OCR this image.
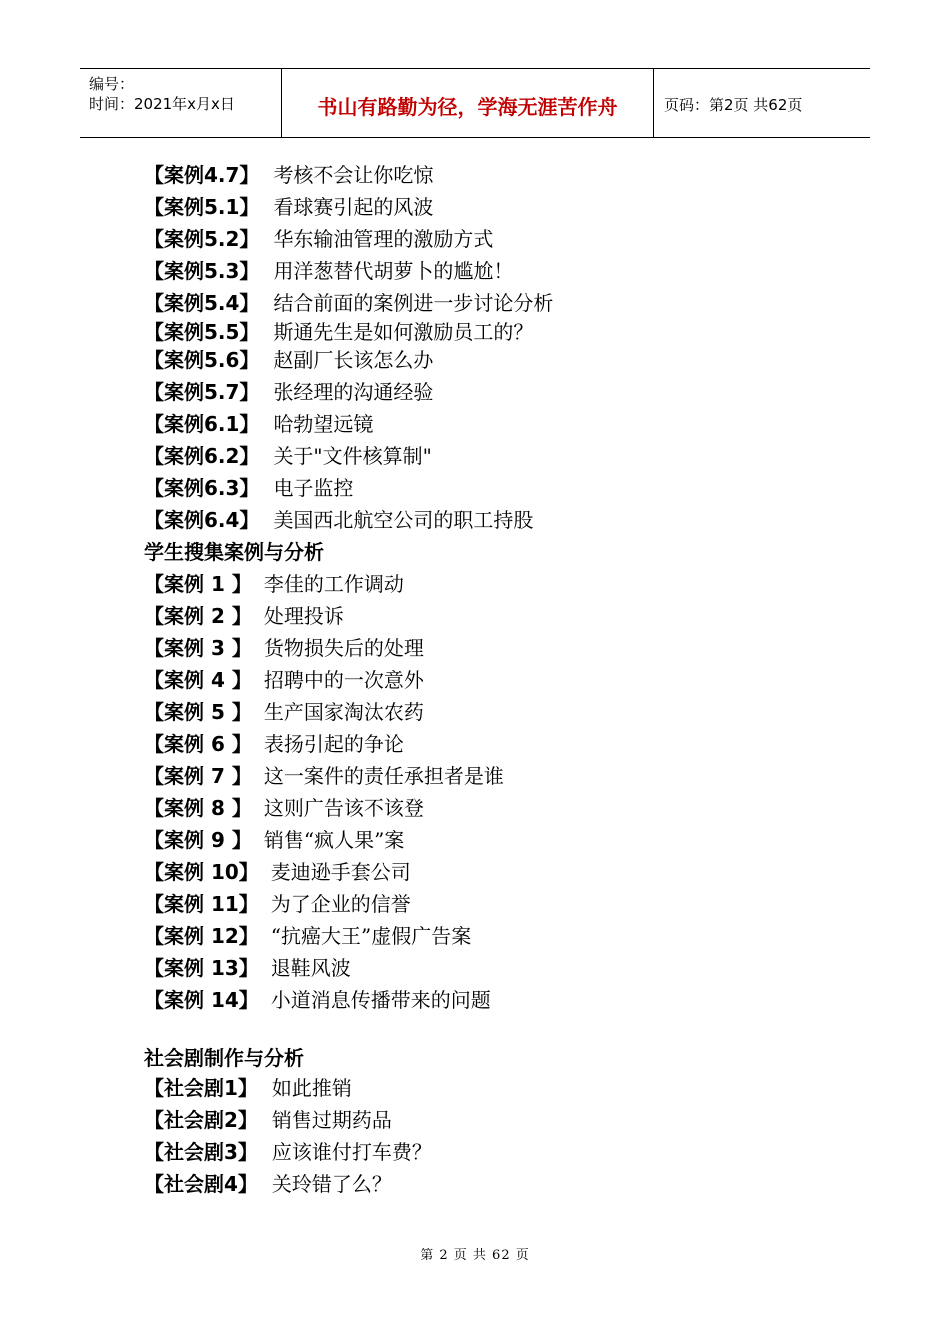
编号：
时间：2021年x月x日	书山有路勤为径，学海无涯苦作舟	页码：第2页 共62页
【案例4.7】 考核不会让你吃惊
【案例5.1】 看球赛引起的风波
【案例5.2】 华东输油管理的激励方式
【案例5.3】 用洋葱替代胡萝卜的尴尬！
【案例5.4】 结合前面的案例进一步讨论分析
【案例5.5】 斯通先生是如何激励员工的？
【案例5.6】 赵副厂长该怎么办
【案例5.7】 张经理的沟通经验
【案例6.1】 哈勃望远镜
【案例6.2】 关于"文件核算制"
【案例6.3】 电子监控
【案例6.4】 美国西北航空公司的职工持股
学生搜集案例与分析
【案例 1 】 李佳的工作调动
【案例 2 】 处理投诉
【案例 3 】 货物损失后的处理
【案例 4 】 招聘中的一次意外
【案例 5 】 生产国家淘汰农药
【案例 6 】 表扬引起的争论
【案例 7 】 这一案件的责任承担者是谁
【案例 8 】 这则广告该不该登
【案例 9 】 销售“疯人果”案
【案例 10】 麦迪逊手套公司
【案例 11】 为了企业的信誉
【案例 12】 “抗癌大王”虚假广告案
【案例 13】 退鞋风波
【案例 14】 小道消息传播带来的问题
社会剧制作与分析
【社会剧1】 如此推销
【社会剧2】 销售过期药品
【社会剧3】 应该谁付打车费？
【社会剧4】 关玲错了么？
第 2 页 共 62 页
